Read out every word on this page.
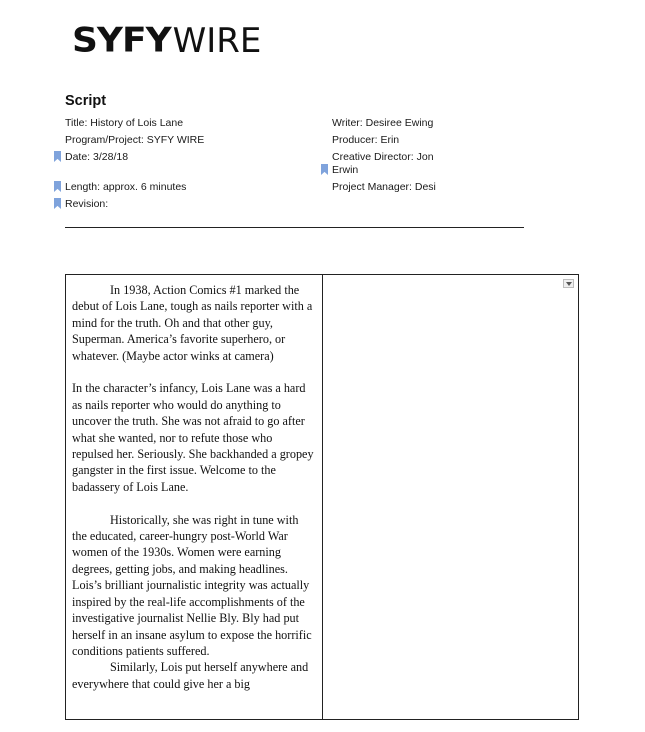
SYFY WIRE
Script
Title: History of Lois Lane
Program/Project: SYFY WIRE
Date: 3/28/18
Length: approx. 6 minutes
Revision:
Writer: Desiree Ewing
Producer: Erin
Creative Director: Jon Erwin
Project Manager: Desi

In 1938, Action Comics #1 marked the debut of Lois Lane, tough as nails reporter with a mind for the truth. Oh and that other guy, Superman. America’s favorite superhero, or whatever. (Maybe actor winks at camera)

In the character’s infancy, Lois Lane was a hard as nails reporter who would do anything to uncover the truth. She was not afraid to go after what she wanted, nor to refute those who repulsed her. Seriously. She backhanded a gropey gangster in the first issue. Welcome to the badassery of Lois Lane.

Historically, she was right in tune with the educated, career-hungry post-World War women of the 1930s. Women were earning degrees, getting jobs, and making headlines. Lois’s brilliant journalistic integrity was actually inspired by the real-life accomplishments of the investigative journalist Nellie Bly. Bly had put herself in an insane asylum to expose the horrific conditions patients suffered.

Similarly, Lois put herself anywhere and everywhere that could give her a big
